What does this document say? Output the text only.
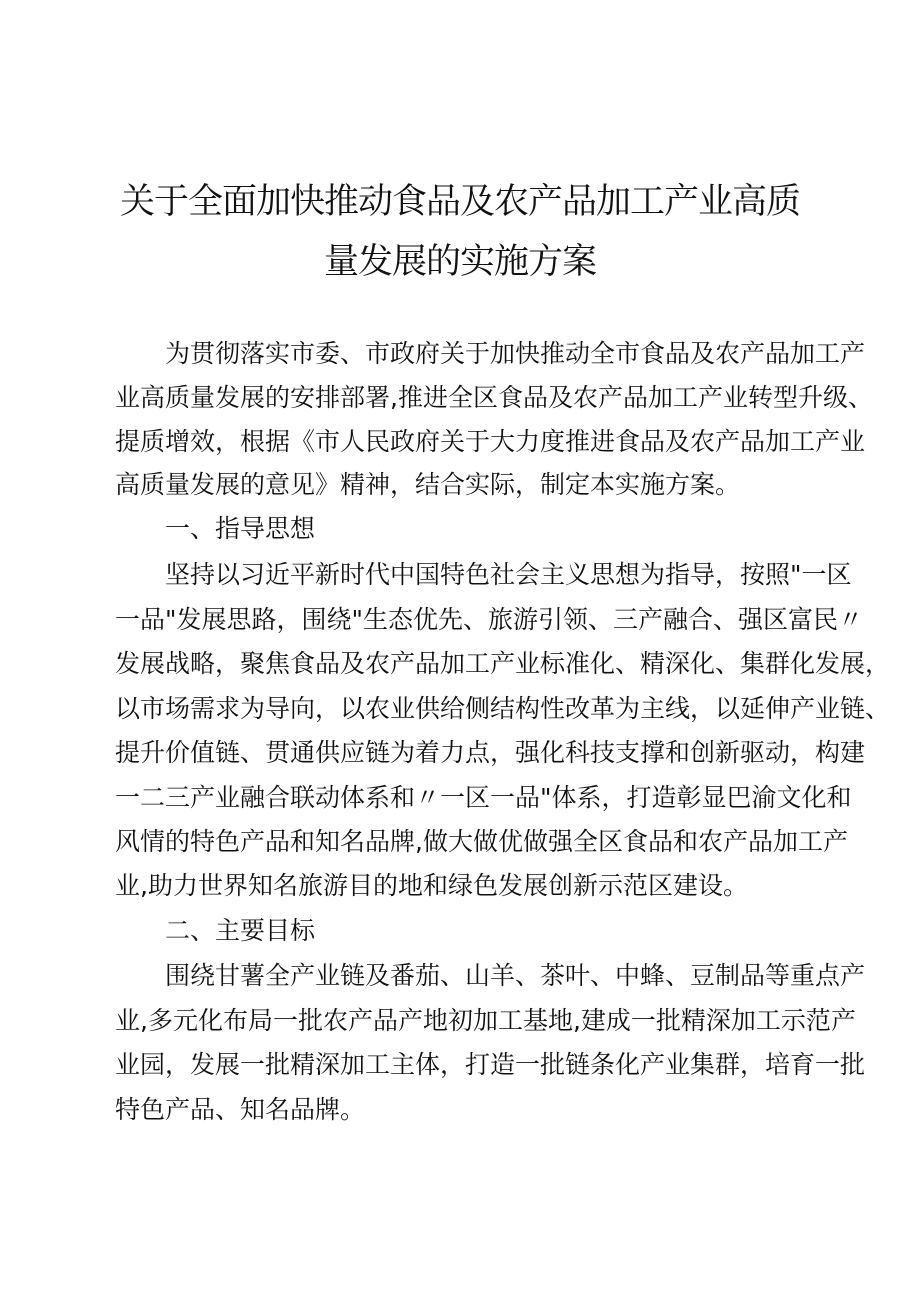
关于全面加快推动食品及农产品加工产业高质
量发展的实施方案
为贯彻落实市委、市政府关于加快推动全市食品及农产品加工产
业高质量发展的安排部署,推进全区食品及农产品加工产业转型升级、
提质增效，根据《市人民政府关于大力度推进食品及农产品加工产业
高质量发展的意见》精神，结合实际，制定本实施方案。
一、指导思想
坚持以习近平新时代中国特色社会主义思想为指导，按照"一区
一品"发展思路，围绕"生态优先、旅游引领、三产融合、强区富民〃
发展战略，聚焦食品及农产品加工产业标准化、精深化、集群化发展，
以市场需求为导向，以农业供给侧结构性改革为主线，以延伸产业链、
提升价值链、贯通供应链为着力点，强化科技支撑和创新驱动，构建
一二三产业融合联动体系和〃一区一品"体系，打造彰显巴渝文化和
风情的特色产品和知名品牌,做大做优做强全区食品和农产品加工产
业,助力世界知名旅游目的地和绿色发展创新示范区建设。
二、主要目标
围绕甘薯全产业链及番茄、山羊、茶叶、中蜂、豆制品等重点产
业,多元化布局一批农产品产地初加工基地,建成一批精深加工示范产
业园，发展一批精深加工主体，打造一批链条化产业集群，培育一批
特色产品、知名品牌。
